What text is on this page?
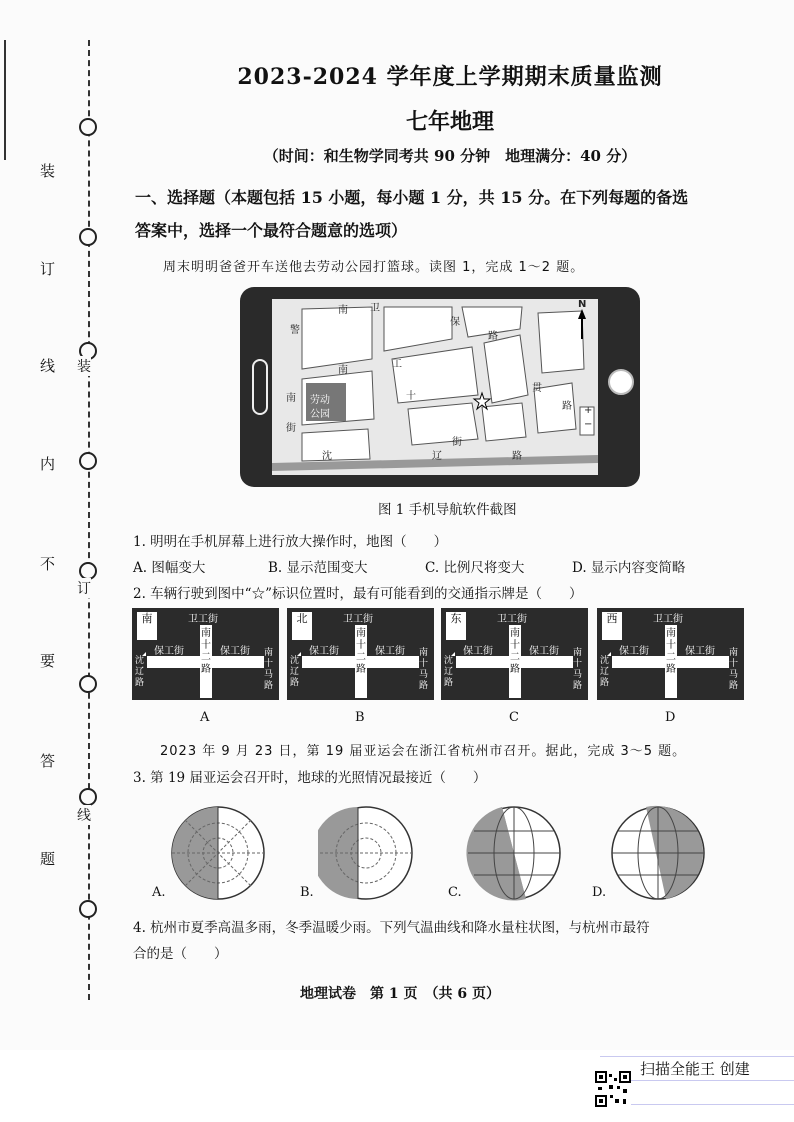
装
订
线
内
不
要
答
题
装
订
线
2023-2024 学年度上学期期末质量监测
七年地理
（时间：和生物学同考共 90 分钟　地理满分：40 分）
一、选择题（本题包括 15 小题，每小题 1 分，共 15 分。在下列每题的备选
答案中，选择一个最符合题意的选项）
周末明明爸爸开车送他去劳动公园打篮球。读图 1，完成 1～2 题。
南 卫
保
路
N
警
工
南
劳动
公园
十
贯
南
街
街
路
沈	辽	路
+
−
图 1 手机导航软件截图
1. 明明在手机屏幕上进行放大操作时，地图（　　）
A. 图幅变大	B. 显示范围变大	C. 比例尺将变大	D. 显示内容变简略
2. 车辆行驶到图中“☆”标识位置时，最有可能看到的交通指示牌是（　　）
南	卫工街
南十二路
保工街	保工街
沈辽路
南十马路
A
北	卫工街
南十二路
保工街	保工街
沈辽路
南十马路
B
东	卫工街
南十二路
保工街	保工街
沈辽路
南十马路
C
西	卫工街
南十二路
保工街	保工街
沈辽路
南十马路
D
2023 年 9 月 23 日，第 19 届亚运会在浙江省杭州市召开。据此，完成 3～5 题。
3. 第 19 届亚运会召开时，地球的光照情况最接近（　　）
A.	B.	C.	D.
4. 杭州市夏季高温多雨，冬季温暖少雨。下列气温曲线和降水量柱状图，与杭州市最符
合的是（　　）
地理试卷　第 1 页　（共 6 页）
扫描全能王 创建
